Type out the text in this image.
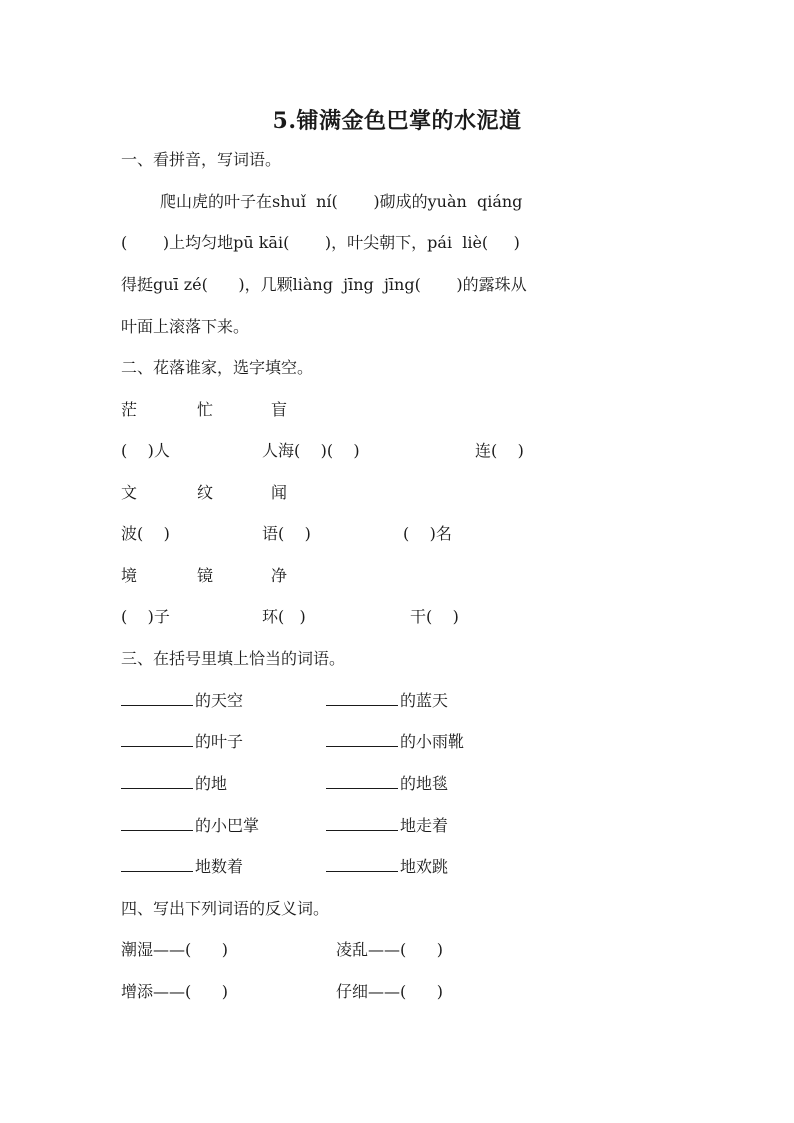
5.铺满金色巴掌的水泥道
一、看拼音，写词语。
爬山虎的叶子在shuǐ  ní(       )砌成的yuàn  qiáng
(       )上均匀地pū kāi(       )，叶尖朝下，pái  liè(     )
得挺guī zé(      )，几颗liàng  jīng  jīng(       )的露珠从
叶面上滚落下来。
二、花落谁家，选字填空。
茫	忙	盲
(    )人	人海(    )(    )	连(    )
文	纹	闻
波(    )	语(    )	(    )名
境	镜	净
(    )子	环(   )	干(    )
三、在括号里填上恰当的词语。
的天空	的蓝天
的叶子	的小雨靴
的地	的地毯
的小巴掌	地走着
地数着	地欢跳
四、写出下列词语的反义词。
潮湿——(      )	凌乱——(      )
增添——(      )	仔细——(      )
